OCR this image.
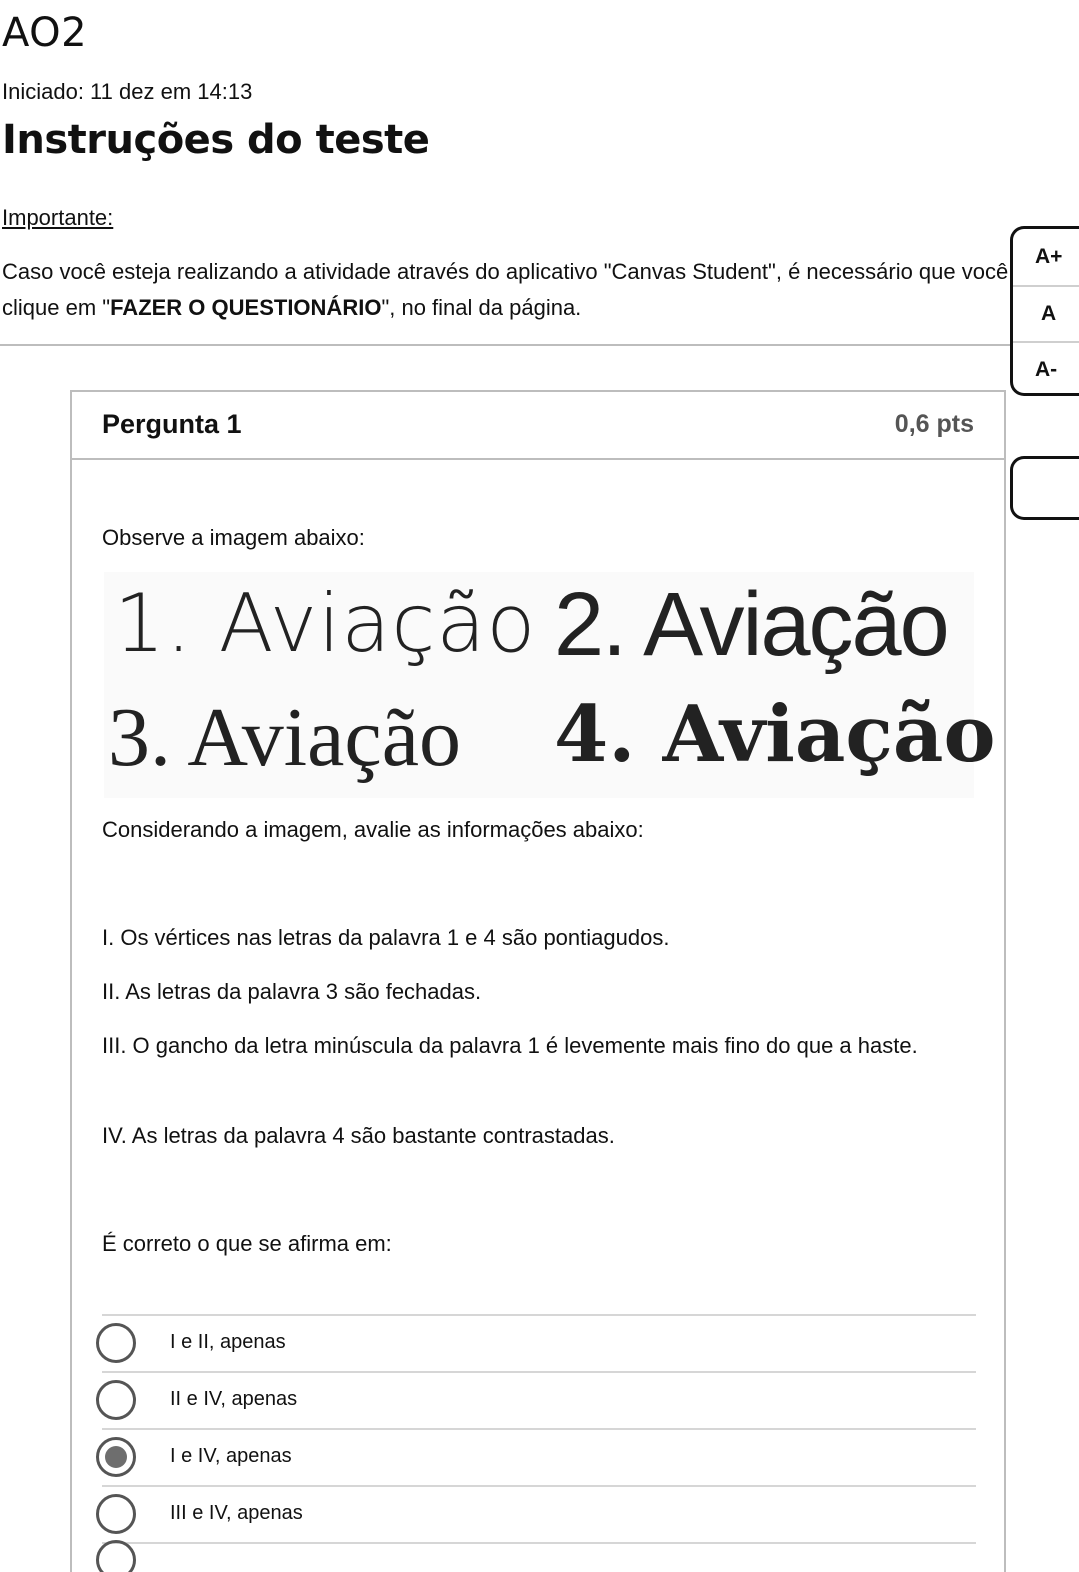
AO2
Iniciado: 11 dez em 14:13
Instruções do teste
Importante:
Caso você esteja realizando a atividade através do aplicativo "Canvas Student", é necessário que você clique em "FAZER O QUESTIONÁRIO", no final da página.
A+
A
A-
Pergunta 1	0,6 pts
Observe a imagem abaixo:
1. Aviação 2. Aviação
3. Aviação 4. Aviação
Considerando a imagem, avalie as informações abaixo:
I. Os vértices nas letras da palavra 1 e 4 são pontiagudos.
II. As letras da palavra 3 são fechadas.
III. O gancho da letra minúscula da palavra 1 é levemente mais fino do que a haste.
IV. As letras da palavra 4 são bastante contrastadas.
É correto o que se afirma em:
I e II, apenas
II e IV, apenas
I e IV, apenas
III e IV, apenas
